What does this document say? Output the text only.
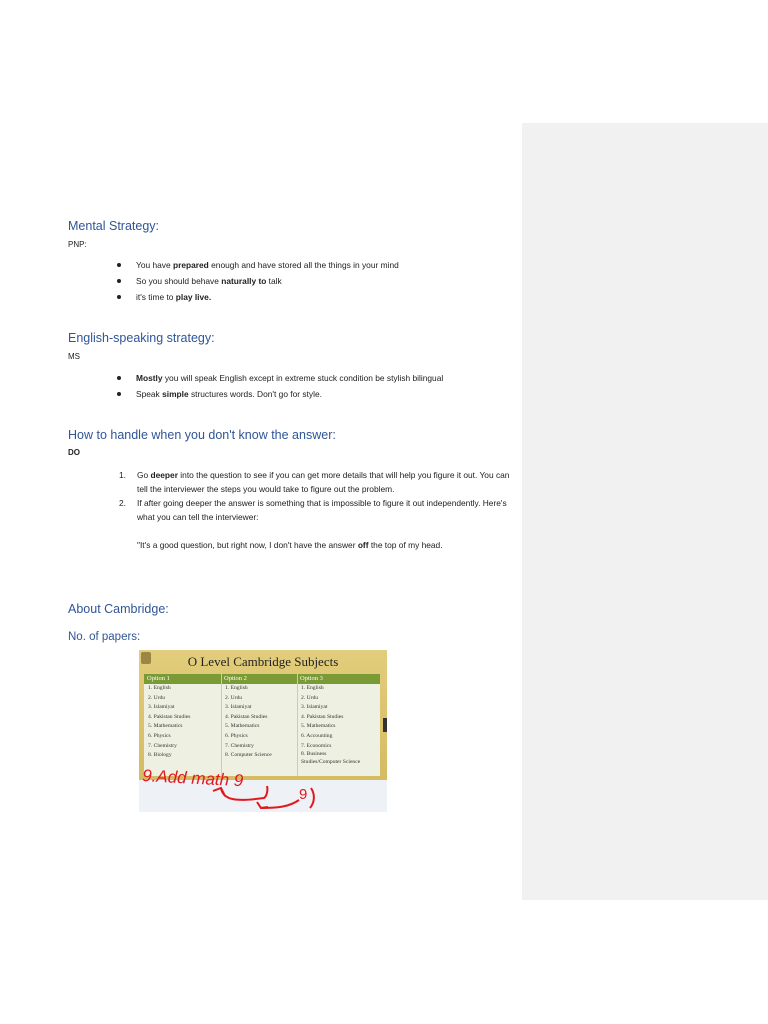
Mental Strategy:
PNP:
You have prepared enough and have stored all the things in your mind
So you should behave naturally to talk
it's time to play live.
English-speaking strategy:
MS
Mostly you will speak English except in extreme stuck condition be stylish bilingual
Speak simple structures words. Don't go for style.
How to handle when you don't know the answer:
DO
1. Go deeper into the question to see if you can get more details that will help you figure it out. You can tell the interviewer the steps you would take to figure out the problem.
2. If after going deeper the answer is something that is impossible to figure it out independently. Here's what you can tell the interviewer:
"It's a good question, but right now, I don't have the answer off the top of my head.
About Cambridge:
No. of papers:
O Level Cambridge Subjects
Option 1
1. English
2. Urdu
3. Islamiyat
4. Pakistan Studies
5. Mathematics
6. Physics
7. Chemistry
8. Biology
Option 2
1. English
2. Urdu
3. Islamiyat
4. Pakistan Studies
5. Mathematics
6. Physics
7. Chemistry
8. Computer Science
Option 3
1. English
2. Urdu
3. Islamiyat
4. Pakistan Studies
5. Mathematics
6. Accounting
7. Economics
8. Business Studies/Computer Science
9.Add math 9
9
